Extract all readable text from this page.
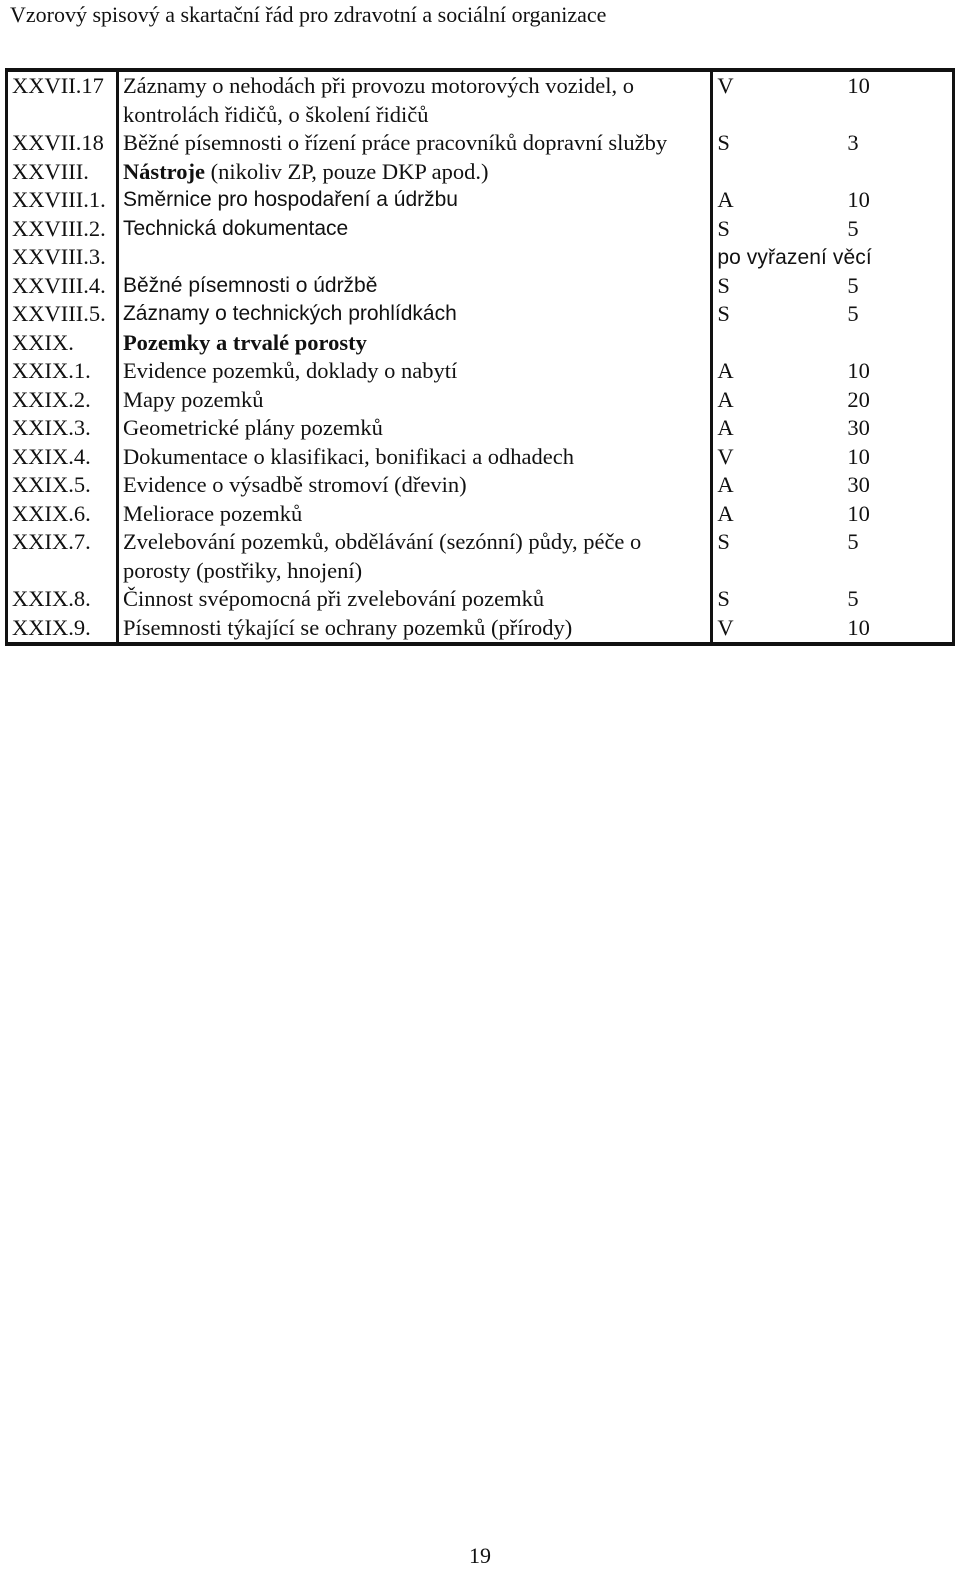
Vzorový spisový a skartační řád pro zdravotní a sociální organizace
XXVII.17	Záznamy o nehodách při provozu motorových vozidel, o kontrolách řidičů, o školení řidičů	V 10

XXVII.18	Běžné písemnosti o řízení práce pracovníků dopravní služby	S 3

XXVIII.	Nástroje (nikoliv ZP, pouze DKP apod.)	

XXVIII.1.	Směrnice pro hospodaření a údržbu	A 10

XXVIII.2.	Technická dokumentace	S 5

XXVIII.3.		po vyřazení věcí

XXVIII.4.	Běžné písemnosti o údržbě	S 5

XXVIII.5.	Záznamy o technických prohlídkách	S 5

XXIX.	Pozemky a trvalé porosty	

XXIX.1.	Evidence pozemků, doklady o nabytí	A 10

XXIX.2.	Mapy pozemků	A 20

XXIX.3.	Geometrické plány pozemků	A 30

XXIX.4.	Dokumentace o klasifikaci, bonifikaci a odhadech	V 10

XXIX.5.	Evidence o výsadbě stromoví (dřevin)	A 30

XXIX.6.	Meliorace pozemků	A 10

XXIX.7.	Zvelebování pozemků, obdělávání (sezónní) půdy, péče o porosty (postřiky, hnojení)	S 5

XXIX.8.	Činnost svépomocná při zvelebování pozemků	S 5

XXIX.9.	Písemnosti týkající se ochrany pozemků (přírody)	V 10
19
